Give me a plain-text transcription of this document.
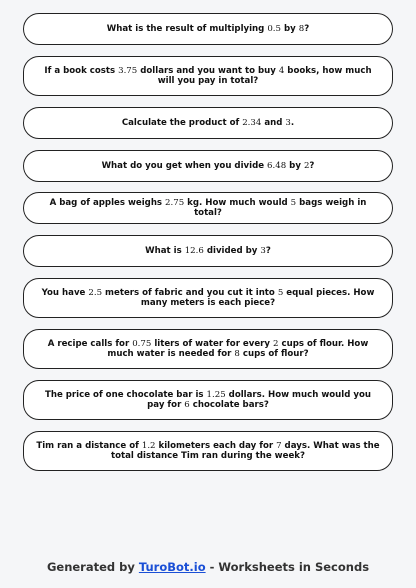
What is the result of multiplying 0.5 by 8?
If a book costs 3.75 dollars and you want to buy 4 books, how much will you pay in total?
Calculate the product of 2.34 and 3.
What do you get when you divide 6.48 by 2?
A bag of apples weighs 2.75 kg. How much would 5 bags weigh in total?
What is 12.6 divided by 3?
You have 2.5 meters of fabric and you cut it into 5 equal pieces. How many meters is each piece?
A recipe calls for 0.75 liters of water for every 2 cups of flour. How much water is needed for 8 cups of flour?
The price of one chocolate bar is 1.25 dollars. How much would you pay for 6 chocolate bars?
Tim ran a distance of 1.2 kilometers each day for 7 days. What was the total distance Tim ran during the week?
Generated by TuroBot.io - Worksheets in Seconds
